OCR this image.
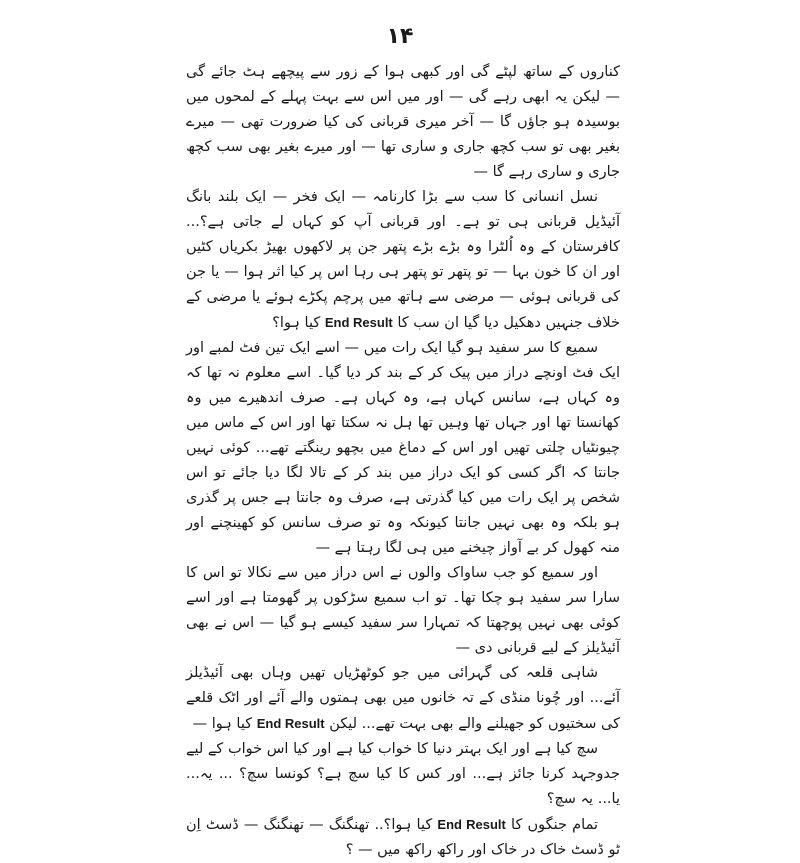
۱۴

کناروں کے ساتھ لپٹے گی اور کبھی ہوا کے زور سے پیچھے ہٹ جائے گی — لیکن یہ ابھی رہے گی — اور میں اس سے بہت پہلے کے لمحوں میں بوسیدہ ہو جاؤں گا — آخر میری قربانی کی کیا ضرورت تھی — میرے بغیر بھی تو سب کچھ جاری و ساری تھا — اور میرے بغیر بھی سب کچھ جاری و ساری رہے گا —

نسل انسانی کا سب سے بڑا کارنامہ — ایک فخر — ایک بلند بانگ آئیڈیل قربانی ہی تو ہے۔ اور قربانی آپ کو کہاں لے جاتی ہے؟... کافرستان کے وہ اُلٹرا وہ بڑے بڑے پتھر جن پر لاکھوں بھیڑ بکریاں کٹیں اور ان کا خون بہا — تو پتھر تو پتھر ہی رہا اس پر کیا اثر ہوا — یا جن کی قربانی ہوئی — مرضی سے ہاتھ میں پرچم پکڑے ہوئے یا مرضی کے خلاف جنہیں دھکیل دیا گیا ان سب کا End Result کیا ہوا؟

سمیع کا سر سفید ہو گیا ایک رات میں — اسے ایک تین فٹ لمبے اور ایک فٹ اونچے دراز میں پیک کر کے بند کر دیا گیا۔ اسے معلوم نہ تھا کہ وہ کہاں ہے، سانس کہاں ہے، وہ کہاں ہے۔ صرف اندھیرے میں وہ کھانستا تھا اور جہاں تھا وہیں تھا ہل نہ سکتا تھا اور اس کے ماس میں چیونٹیاں چلتی تھیں اور اس کے دماغ میں بچھو رینگتے تھے... کوئی نہیں جانتا کہ اگر کسی کو ایک دراز میں بند کر کے تالا لگا دیا جائے تو اس شخص پر ایک رات میں کیا گذرتی ہے، صرف وہ جانتا ہے جس پر گذری ہو بلکہ وہ بھی نہیں جانتا کیونکہ وہ تو صرف سانس کو کھینچنے اور منہ کھول کر بے آواز چیخنے میں ہی لگا رہتا ہے —

اور سمیع کو جب ساواک والوں نے اس دراز میں سے نکالا تو اس کا سارا سر سفید ہو چکا تھا۔ تو اب سمیع سڑکوں پر گھومتا ہے اور اسے کوئی بھی نہیں پوچھتا کہ تمہارا سر سفید کیسے ہو گیا — اس نے بھی آئیڈیلز کے لیے قربانی دی —

شاہی قلعہ کی گہرائی میں جو کوٹھڑیاں تھیں وہاں بھی آئیڈیلز آئے... اور چُونا منڈی کے تہ خانوں میں بھی ہمتوں والے آئے اور اٹک قلعے کی سختیوں کو جھیلنے والے بھی بہت تھے... لیکن End Result کیا ہوا —

سچ کیا ہے اور ایک بہتر دنیا کا خواب کیا ہے اور کیا اس خواب کے لیے جدوجہد کرنا جائز ہے... اور کس کا کیا سچ ہے؟ کونسا سچ؟ ... یہ... یا... یہ سچ؟

تمام جنگوں کا End Result کیا ہوا؟.. تھنگنگ — تھنگنگ — ڈسٹ اِن ٹو ڈسٹ خاک در خاک اور راکھ راکھ میں — ؟
